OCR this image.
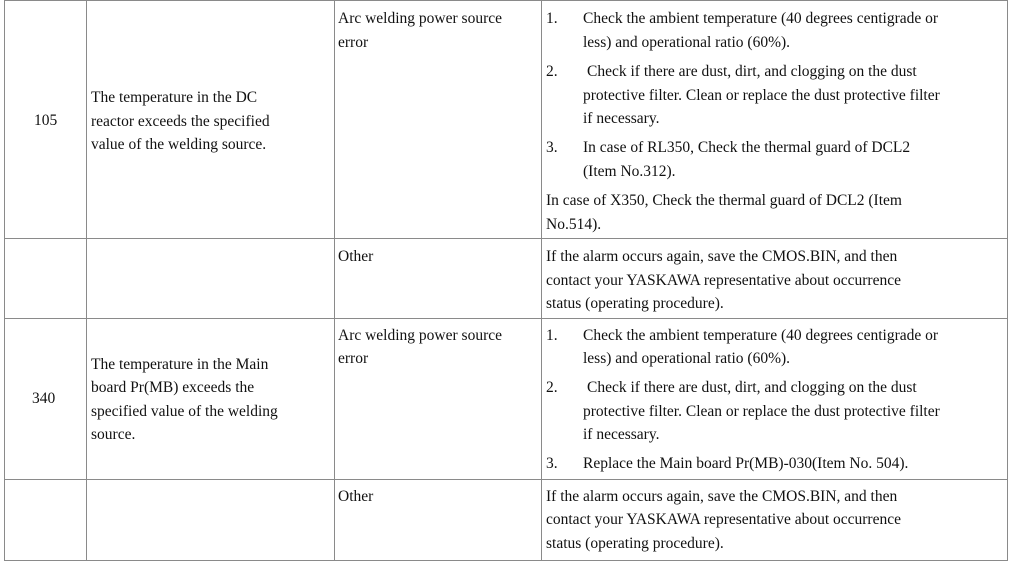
105
The temperature in the DC
reactor exceeds the specified
value of the welding source.
Arc welding power source
error
1. Check the ambient temperature (40 degrees centigrade or
less) and operational ratio (60%).
2. Check if there are dust, dirt, and clogging on the dust
protective filter. Clean or replace the dust protective filter
if necessary.
3. In case of RL350, Check the thermal guard of DCL2
(Item No.312).
In case of X350, Check the thermal guard of DCL2 (Item
No.514).
Other	If the alarm occurs again, save the CMOS.BIN, and then
contact your YASKAWA representative about occurrence
status (operating procedure).
340
The temperature in the Main
board Pr(MB) exceeds the
specified value of the welding
source.
Arc welding power source
error
1. Check the ambient temperature (40 degrees centigrade or
less) and operational ratio (60%).
2. Check if there are dust, dirt, and clogging on the dust
protective filter. Clean or replace the dust protective filter
if necessary.
3. Replace the Main board Pr(MB)-030(Item No. 504).
Other	If the alarm occurs again, save the CMOS.BIN, and then
contact your YASKAWA representative about occurrence
status (operating procedure).
